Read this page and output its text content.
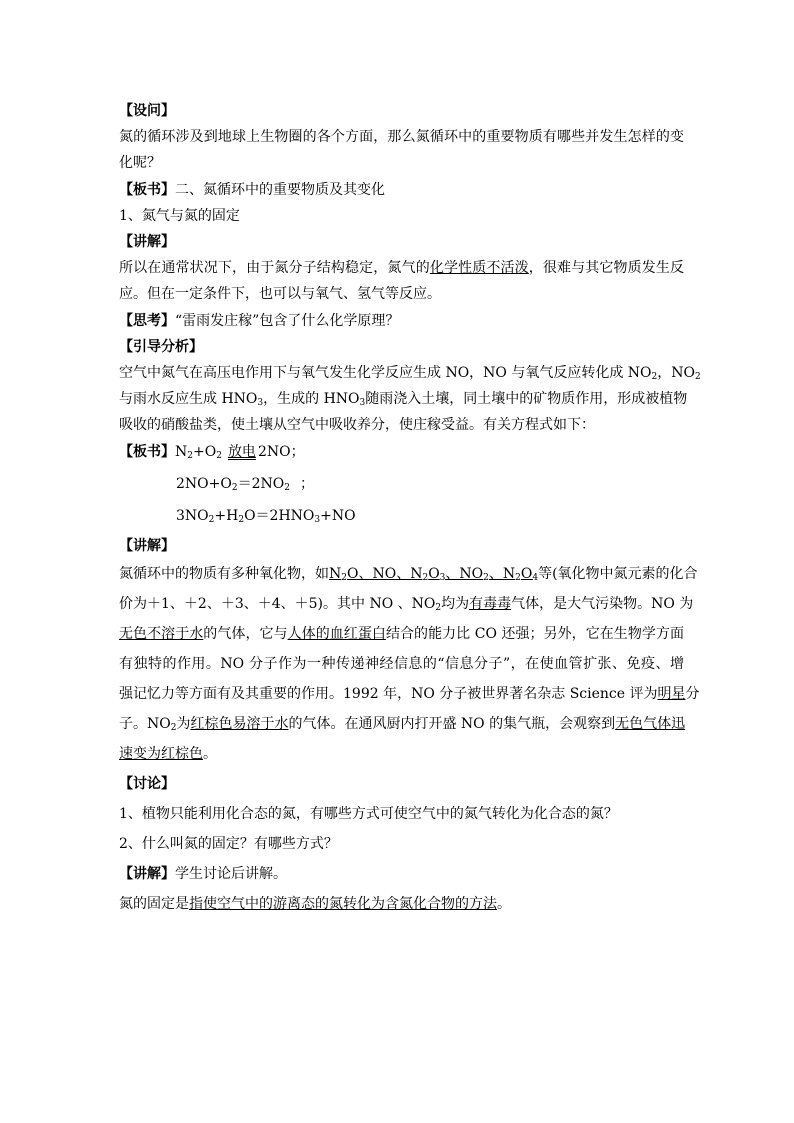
【设问】
氮的循环涉及到地球上生物圈的各个方面，那么氮循环中的重要物质有哪些并发生怎样的变
化呢？
【板书】二、氮循环中的重要物质及其变化
1、氮气与氮的固定
【讲解】
所以在通常状况下，由于氮分子结构稳定，氮气的化学性质不活泼，很难与其它物质发生反
应。但在一定条件下，也可以与氧气、氢气等反应。
【思考】“雷雨发庄稼”包含了什么化学原理？
【引导分析】
空气中氮气在高压电作用下与氧气发生化学反应生成 NO，NO 与氧气反应转化成 $NO_2$，$NO_2$
与雨水反应生成 $HNO_3$，生成的 $HNO_3$随雨浇入土壤，同土壤中的矿物质作用，形成被植物
吸收的硝酸盐类，使土壤从空气中吸收养分，使庄稼受益。有关方程式如下：
【板书】$N_2+O_2$ 放电 2NO；
$2NO+O_2=2NO_2$ ；
$3NO_2+H_2O=2HNO_3+NO$
【讲解】
氮循环中的物质有多种氧化物，如$N_2O$、NO、$N_2O_3$、$NO_2$、$N_2O_4$等(氧化物中氮元素的化合
价为＋1、＋2、＋3、＋4、＋5)。其中 NO 、$NO_2$均为有毒毒气体，是大气污染物。NO 为
无色不溶于水的气体，它与人体的血红蛋白结合的能力比 CO 还强；另外，它在生物学方面
有独特的作用。NO 分子作为一种传递神经信息的“信息分子”，在使血管扩张、免疫、增
强记忆力等方面有及其重要的作用。1992 年，NO 分子被世界著名杂志 Science 评为明星分
子。$NO_2$为红棕色易溶于水的气体。在通风厨内打开盛 NO 的集气瓶，会观察到无色气体迅
速变为红棕色。
【讨论】
1、植物只能利用化合态的氮，有哪些方式可使空气中的氮气转化为化合态的氮？
2、什么叫氮的固定？有哪些方式？
【讲解】学生讨论后讲解。
氮的固定是指使空气中的游离态的氮转化为含氮化合物的方法。
